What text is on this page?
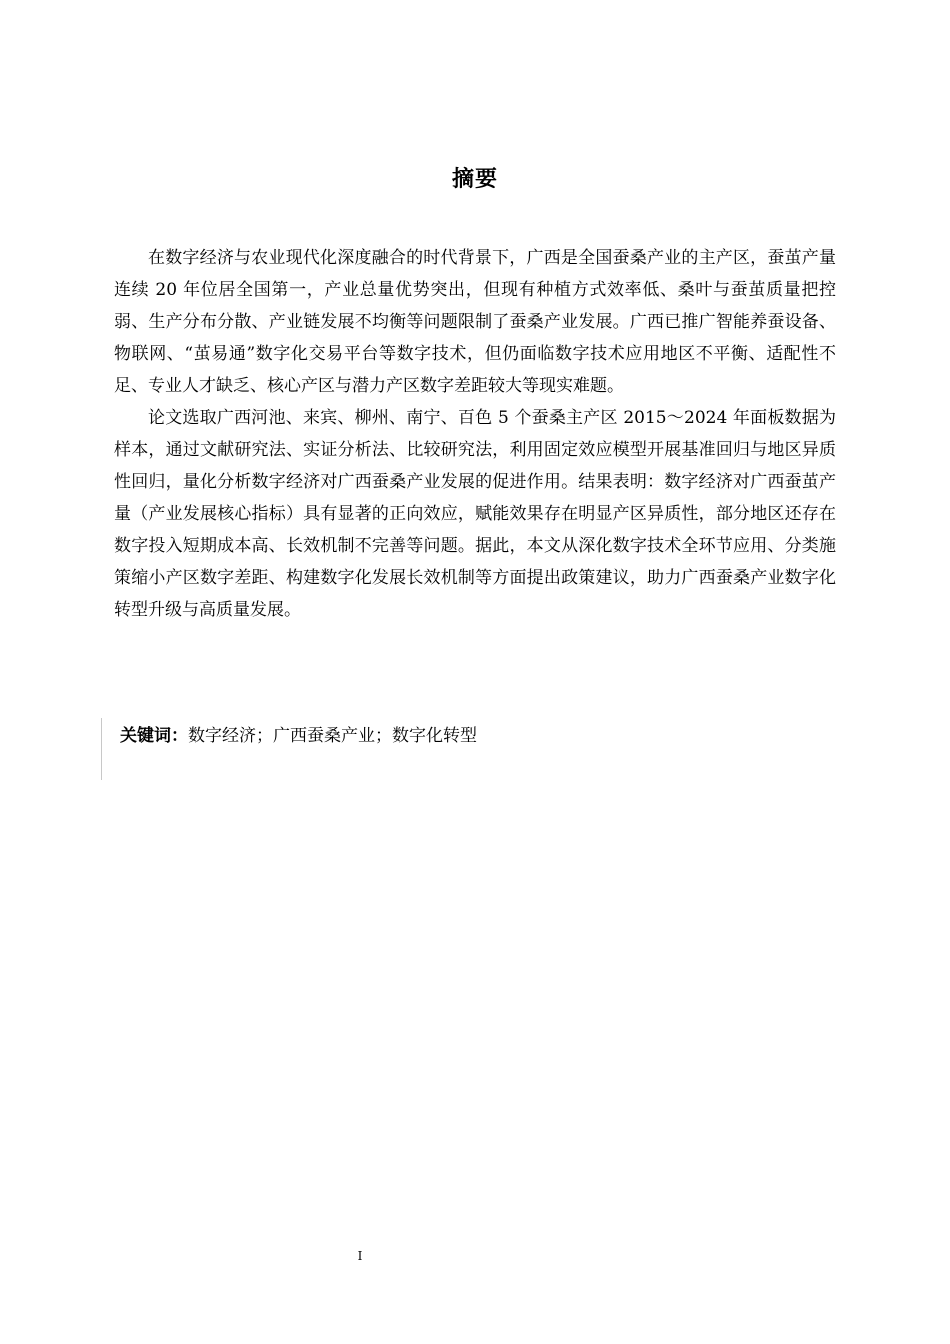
摘要

在数字经济与农业现代化深度融合的时代背景下，广西是全国蚕桑产业的主产区，蚕茧产量连续 20 年位居全国第一，产业总量优势突出，但现有种植方式效率低、桑叶与蚕茧质量把控弱、生产分布分散、产业链发展不均衡等问题限制了蚕桑产业发展。广西已推广智能养蚕设备、物联网、“茧易通”数字化交易平台等数字技术，但仍面临数字技术应用地区不平衡、适配性不足、专业人才缺乏、核心产区与潜力产区数字差距较大等现实难题。

论文选取广西河池、来宾、柳州、南宁、百色 5 个蚕桑主产区 2015～2024 年面板数据为样本，通过文献研究法、实证分析法、比较研究法，利用固定效应模型开展基准回归与地区异质性回归，量化分析数字经济对广西蚕桑产业发展的促进作用。结果表明：数字经济对广西蚕茧产量（产业发展核心指标）具有显著的正向效应，赋能效果存在明显产区异质性，部分地区还存在数字投入短期成本高、长效机制不完善等问题。据此，本文从深化数字技术全环节应用、分类施策缩小产区数字差距、构建数字化发展长效机制等方面提出政策建议，助力广西蚕桑产业数字化转型升级与高质量发展。

关键词：数字经济；广西蚕桑产业；数字化转型
I
